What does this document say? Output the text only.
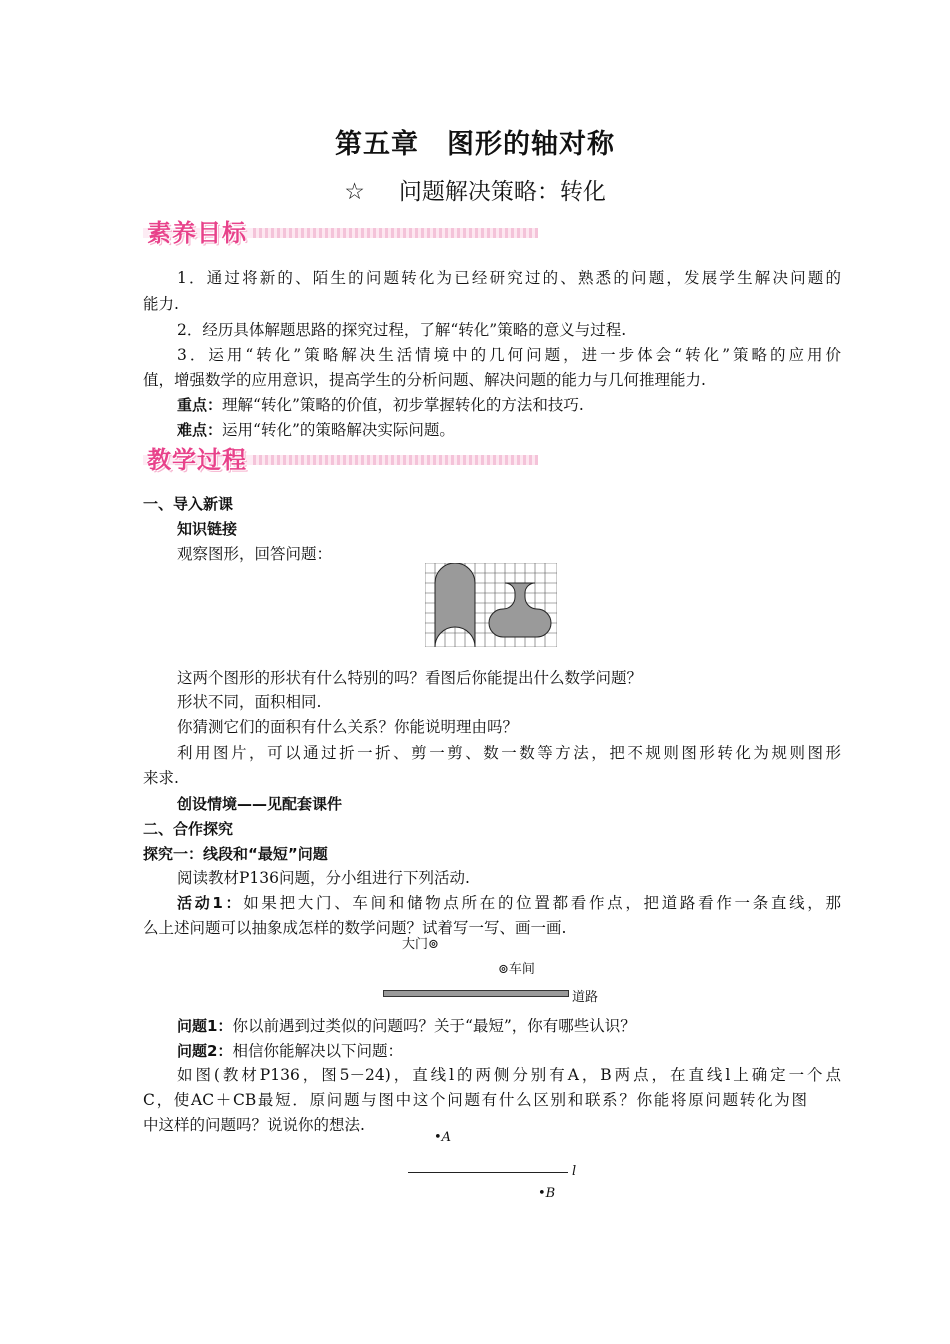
第五章　图形的轴对称
☆ 问题解决策略：转化
素养目标
1．通过将新的、陌生的问题转化为已经研究过的、熟悉的问题，发展学生解决问题的
能力.
2．经历具体解题思路的探究过程，了解“转化”策略的意义与过程.
3．运用“转化”策略解决生活情境中的几何问题，进一步体会“转化”策略的应用价
值，增强数学的应用意识，提高学生的分析问题、解决问题的能力与几何推理能力.
重点：理解“转化”策略的价值，初步掌握转化的方法和技巧.
难点：运用“转化”的策略解决实际问题。
教学过程
一、导入新课
知识链接
观察图形，回答问题：
这两个图形的形状有什么特别的吗？看图后你能提出什么数学问题？
形状不同，面积相同.
你猜测它们的面积有什么关系？你能说明理由吗？
利用图片，可以通过折一折、剪一剪、数一数等方法，把不规则图形转化为规则图形
来求.
创设情境——见配套课件
二、合作探究
探究一：线段和“最短”问题
阅读教材P136问题，分小组进行下列活动.
活动1：如果把大门、车间和储物点所在的位置都看作点，把道路看作一条直线，那
么上述问题可以抽象成怎样的数学问题？试着写一写、画一画.
大门⊚
⊚车间
道路
问题1：你以前遇到过类似的问题吗？关于“最短”，你有哪些认识？
问题2：相信你能解决以下问题：
如图(教材P136，图5－24)，直线l的两侧分别有A，B两点，在直线l上确定一个点
C，使AC＋CB最短．原问题与图中这个问题有什么区别和联系？你能将原问题转化为图
中这样的问题吗？说说你的想法.
•A
l
•B
